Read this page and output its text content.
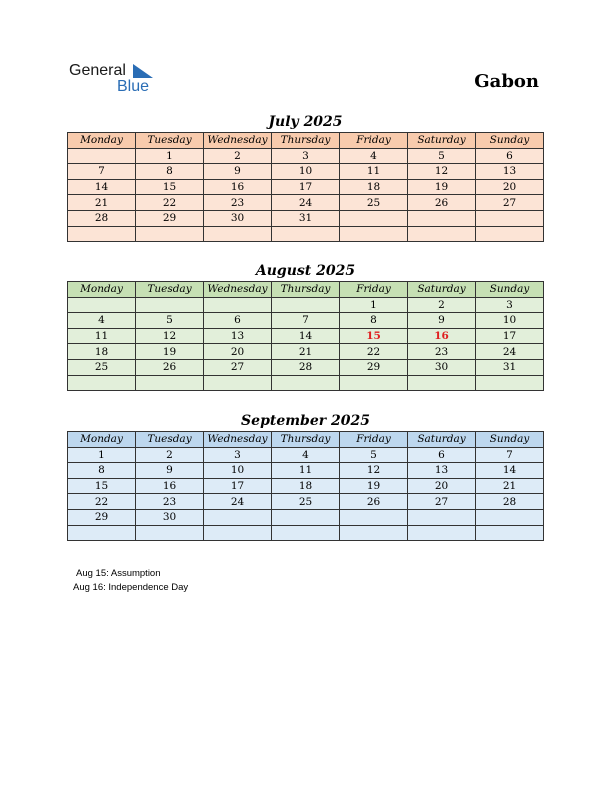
General
Blue	Gabon
July 2025
Monday	Tuesday	Wednesday	Thursday	Friday	Saturday	Sunday
	1	2	3	4	5	6
7	8	9	10	11	12	13
14	15	16	17	18	19	20
21	22	23	24	25	26	27
28	29	30	31			

August 2025
Monday	Tuesday	Wednesday	Thursday	Friday	Saturday	Sunday
				1	2	3
4	5	6	7	8	9	10
11	12	13	14	15	16	17
18	19	20	21	22	23	24
25	26	27	28	29	30	31

September 2025
Monday	Tuesday	Wednesday	Thursday	Friday	Saturday	Sunday
1	2	3	4	5	6	7
8	9	10	11	12	13	14
15	16	17	18	19	20	21
22	23	24	25	26	27	28
29	30					

Aug 15: Assumption
Aug 16: Independence Day
